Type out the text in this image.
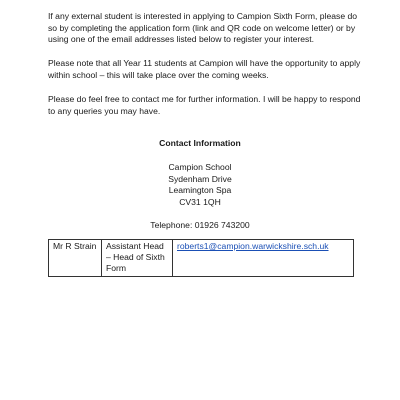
If any external student is interested in applying to Campion Sixth Form, please do so by completing the application form (link and QR code on welcome letter) or by using one of the email addresses listed below to register your interest.

Please note that all Year 11 students at Campion will have the opportunity to apply within school – this will take place over the coming weeks.

Please do feel free to contact me for further information. I will be happy to respond to any queries you may have.

Contact Information
Campion School
Sydenham Drive
Leamington Spa
CV31 1QH
Telephone: 01926 743200
Mr R Strain	Assistant Head – Head of Sixth Form	roberts1@campion.warwickshire.sch.uk
